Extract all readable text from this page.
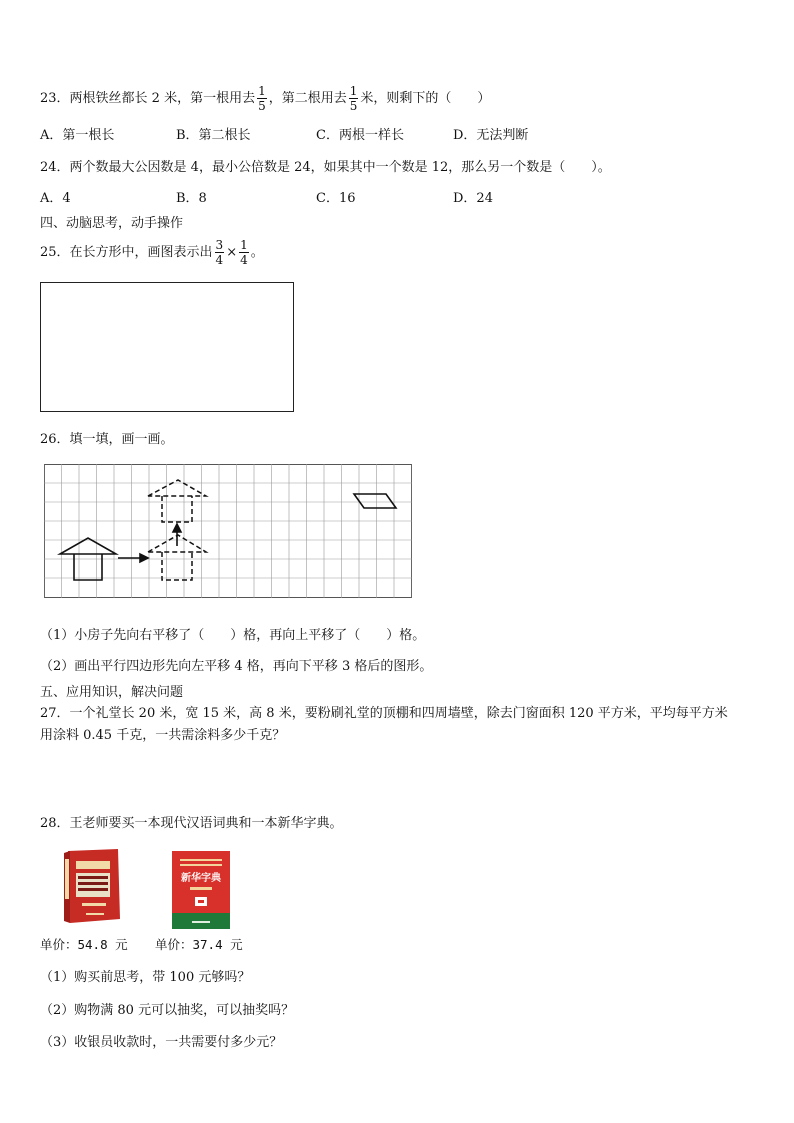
23．两根铁丝都长 2 米，第一根用去 $\frac{1}{5}$ ，第二根用去 $\frac{1}{5}$ 米，则剩下的（　　）
A．第一根长	B．第二根长	C．两根一样长	D．无法判断
24．两个数最大公因数是 4，最小公倍数是 24，如果其中一个数是 12，那么另一个数是（　　）。
A．4	B．8	C．16	D．24
四、动脑思考，动手操作
25．在长方形中，画图表示出 $\frac{3}{4} \times \frac{1}{4}$ 。
26．填一填，画一画。
（1）小房子先向右平移了（　　）格，再向上平移了（　　）格。
（2）画出平行四边形先向左平移 4 格，再向下平移 3 格后的图形。
五、应用知识，解决问题
27．一个礼堂长 20 米，宽 15 米，高 8 米，要粉刷礼堂的顶棚和四周墙壁，除去门窗面积 120 平方米，平均每平方米
用涂料 0.45 千克，一共需涂料多少千克？
28．王老师要买一本现代汉语词典和一本新华字典。
新华字典
单价：54.8 元 单价：37.4 元
（1）购买前思考，带 100 元够吗？
（2）购物满 80 元可以抽奖，可以抽奖吗？
（3）收银员收款时，一共需要付多少元？
